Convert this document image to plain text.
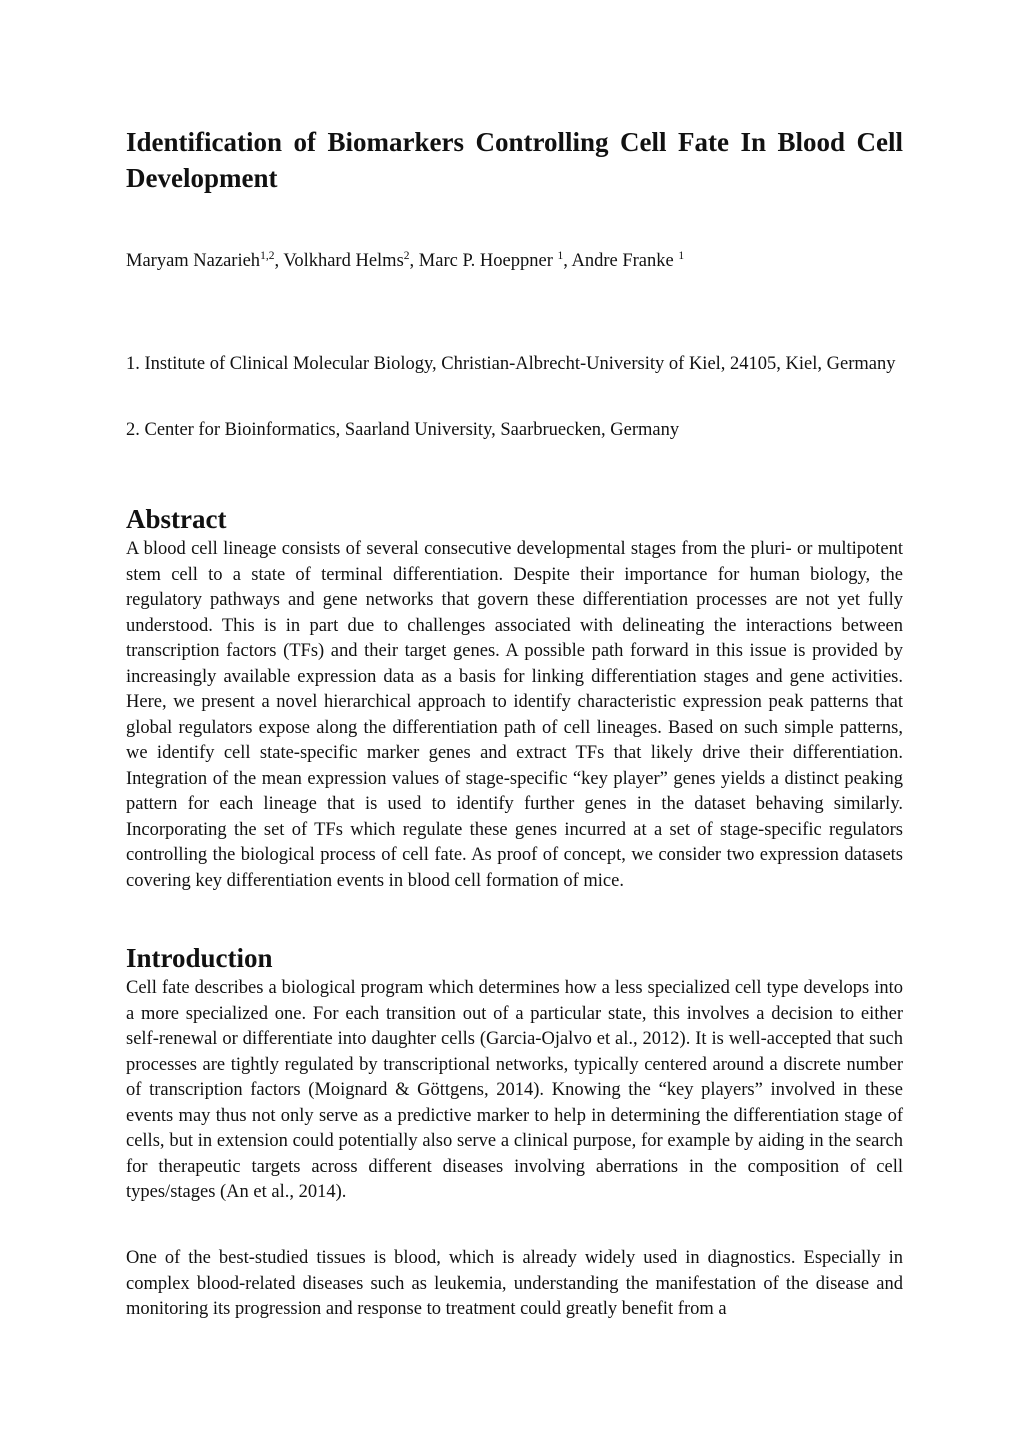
Identification of Biomarkers Controlling Cell Fate In Blood Cell Development
Maryam Nazarieh$^{1,2}$, Volkhard Helms$^2$, Marc P. Hoeppner $^1$, Andre Franke $^1$

1. Institute of Clinical Molecular Biology, Christian-Albrecht-University of Kiel, 24105, Kiel, Germany

2. Center for Bioinformatics, Saarland University, Saarbruecken, Germany

Abstract

A blood cell lineage consists of several consecutive developmental stages from the pluri- or multipotent stem cell to a state of terminal differentiation. Despite their importance for human biology, the regulatory pathways and gene networks that govern these differentiation processes are not yet fully understood. This is in part due to challenges associated with delineating the interactions between transcription factors (TFs) and their target genes. A possible path forward in this issue is provided by increasingly available expression data as a basis for linking differentiation stages and gene activities. Here, we present a novel hierarchical approach to identify characteristic expression peak patterns that global regulators expose along the differentiation path of cell lineages. Based on such simple patterns, we identify cell state-specific marker genes and extract TFs that likely drive their differentiation. Integration of the mean expression values of stage-specific “key player” genes yields a distinct peaking pattern for each lineage that is used to identify further genes in the dataset behaving similarly. Incorporating the set of TFs which regulate these genes incurred at a set of stage-specific regulators controlling the biological process of cell fate. As proof of concept, we consider two expression datasets covering key differentiation events in blood cell formation of mice.

Introduction

Cell fate describes a biological program which determines how a less specialized cell type develops into a more specialized one. For each transition out of a particular state, this involves a decision to either self-renewal or differentiate into daughter cells (Garcia-Ojalvo et al., 2012). It is well-accepted that such processes are tightly regulated by transcriptional networks, typically centered around a discrete number of transcription factors (Moignard & Göttgens, 2014). Knowing the “key players” involved in these events may thus not only serve as a predictive marker to help in determining the differentiation stage of cells, but in extension could potentially also serve a clinical purpose, for example by aiding in the search for therapeutic targets across different diseases involving aberrations in the composition of cell types/stages (An et al., 2014).

One of the best-studied tissues is blood, which is already widely used in diagnostics. Especially in complex blood-related diseases such as leukemia, understanding the manifestation of the disease and monitoring its progression and response to treatment could greatly benefit from a
